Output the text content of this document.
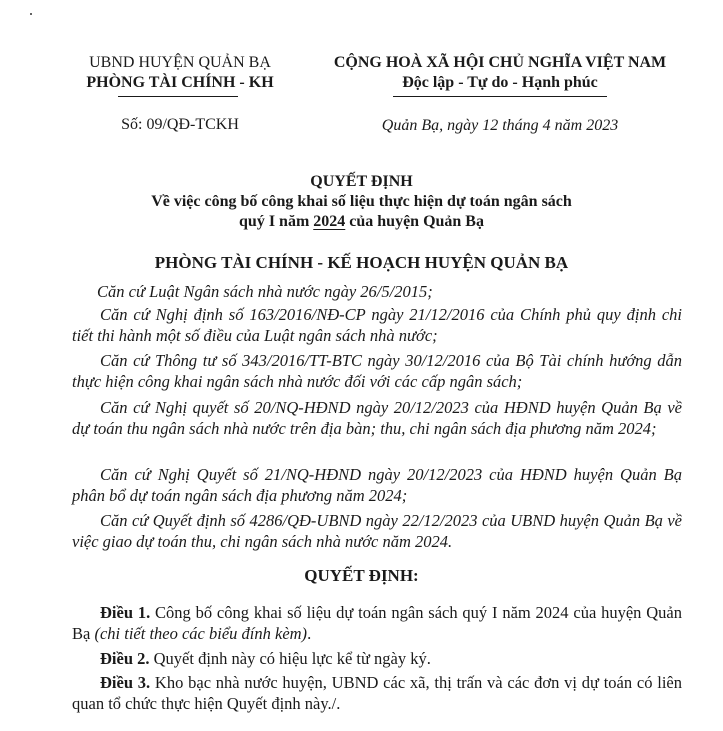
UBND HUYỆN QUẢN BẠ
PHÒNG TÀI CHÍNH - KH
CỘNG HOÀ XÃ HỘI CHỦ NGHĨA VIỆT NAM
Độc lập - Tự do - Hạnh phúc
Số: 09/QĐ-TCKH	Quản Bạ, ngày 12 tháng 4 năm 2023
QUYẾT ĐỊNH
Về việc công bố công khai số liệu thực hiện dự toán ngân sách
quý I năm 2024 của huyện Quản Bạ
PHÒNG TÀI CHÍNH - KẾ HOẠCH HUYỆN QUẢN BẠ
Căn cứ Luật Ngân sách nhà nước ngày 26/5/2015;
Căn cứ Nghị định số 163/2016/NĐ-CP ngày 21/12/2016 của Chính phủ quy định chi tiết thi hành một số điều của Luật ngân sách nhà nước;
Căn cứ Thông tư số 343/2016/TT-BTC ngày 30/12/2016 của Bộ Tài chính hướng dẫn thực hiện công khai ngân sách nhà nước đối với các cấp ngân sách;
Căn cứ Nghị quyết số 20/NQ-HĐND ngày 20/12/2023 của HĐND huyện Quản Bạ về dự toán thu ngân sách nhà nước trên địa bàn; thu, chi ngân sách địa phương năm 2024;
Căn cứ Nghị Quyết số 21/NQ-HĐND ngày 20/12/2023 của HĐND huyện Quản Bạ phân bổ dự toán ngân sách địa phương năm 2024;
Căn cứ Quyết định số 4286/QĐ-UBND ngày 22/12/2023 của UBND huyện Quản Bạ về việc giao dự toán thu, chi ngân sách nhà nước năm 2024.
QUYẾT ĐỊNH:
Điều 1. Công bố công khai số liệu dự toán ngân sách quý I năm 2024 của huyện Quản Bạ (chi tiết theo các biểu đính kèm).
Điều 2. Quyết định này có hiệu lực kể từ ngày ký.
Điều 3. Kho bạc nhà nước huyện, UBND các xã, thị trấn và các đơn vị dự toán có liên quan tổ chức thực hiện Quyết định này./.
